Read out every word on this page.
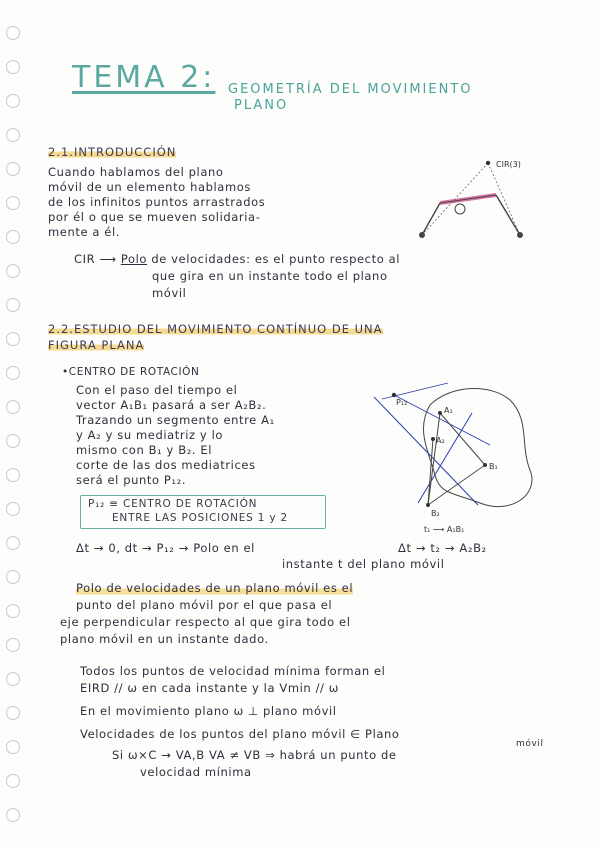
TEMA 2: GEOMETRÍA DEL MOVIMIENTO
PLANO
2.1.INTRODUCCIÓN
Cuando hablamos del plano
móvil de un elemento hablamos
de los infinitos puntos arrastrados
por él o que se mueven solidaria-
mente a él.
CIR(3)
CIR ⟶ Polo de velocidades: es el punto respecto al
que gira en un instante todo el plano
móvil
2.2.ESTUDIO DEL MOVIMIENTO CONTÍNUO DE UNA
FIGURA PLANA
•CENTRO DE ROTACIÓN
Con el paso del tiempo el
vector A₁B₁ pasará a ser A₂B₂.
Trazando un segmento entre A₁
y A₂ y su mediatriz y lo
mismo con B₁ y B₂. El
corte de las dos mediatrices
será el punto P₁₂.
P₁₂ ≡ CENTRO DE ROTACIÓN
ENTRE LAS POSICIONES 1 y 2
P₁₂
A₁
A₂
B₁
B₂
t₁ ⟶ A₁B₁
Δt → 0, dt → P₁₂ → Polo en el	Δt → t₂ → A₂B₂
instante t del plano móvil
Polo de velocidades de un plano móvil es el
punto del plano móvil por el que pasa el
eje perpendicular respecto al que gira todo el
plano móvil en un instante dado.
Todos los puntos de velocidad mínima forman el
EIRD // ω en cada instante y la Vmin // ω
En el movimiento plano ω ⊥ plano móvil
Velocidades de los puntos del plano móvil ∈ Plano
móvil
Si ω×C → VA,B VA ≠ VB ⇒ habrá un punto de
velocidad mínima
